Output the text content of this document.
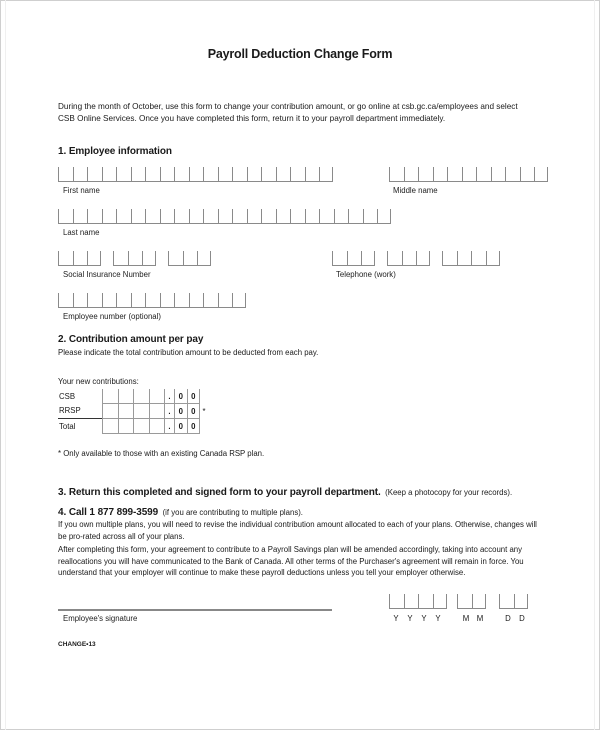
Payroll Deduction Change Form
During the month of October, use this form to change your contribution amount, or go online at csb.gc.ca/employees and select CSB Online Services. Once you have completed this form, return it to your payroll department immediately.
1. Employee information
First name	Middle name
Last name
Social Insurance Number	Telephone (work)
Employee number (optional)
2. Contribution amount per pay
Please indicate the total contribution amount to be deducted from each pay.
Your new contributions:
CSB					.	0	0	
RRSP					.	0	0	*
Total					.	0	0	
* Only available to those with an existing Canada RSP plan.
3. Return this completed and signed form to your payroll department. (Keep a photocopy for your records).
4. Call 1 877 899-3599 (if you are contributing to multiple plans).
If you own multiple plans, you will need to revise the individual contribution amount allocated to each of your plans. Otherwise, changes will be pro-rated across all of your plans.
After completing this form, your agreement to contribute to a Payroll Savings plan will be amended accordingly, taking into account any reallocations you will have communicated to the Bank of Canada. All other terms of the Purchaser's agreement will remain in force. You understand that your employer will continue to make these payroll deductions unless you tell your employer otherwise.
Employee's signature	Y	Y	Y	Y	M M	D	D
CHANGE•13
